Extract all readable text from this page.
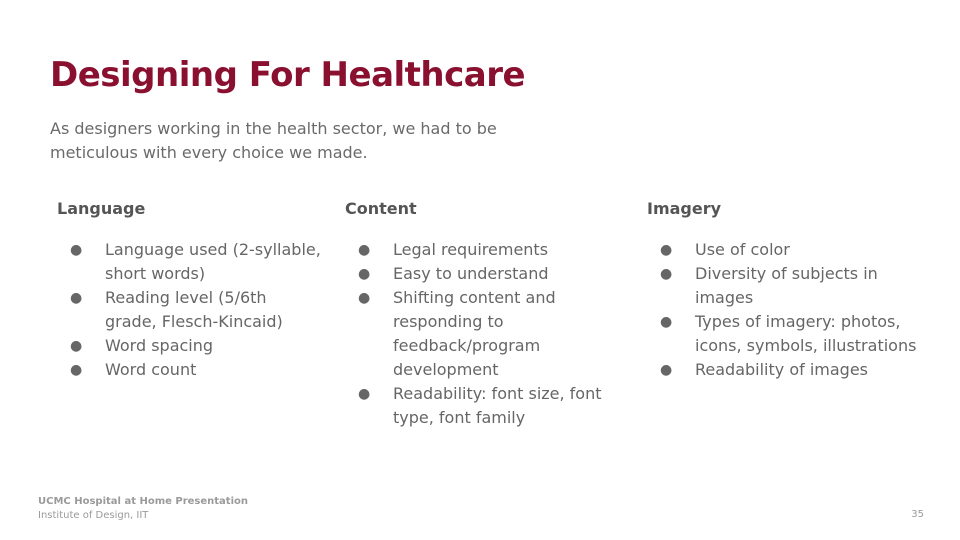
Designing For Healthcare

As designers working in the health sector, we had to be meticulous with every choice we made.

Language
● Language used (2-syllable, short words)
● Reading level (5/6th grade, Flesch-Kincaid)
● Word spacing
● Word count
Content
● Legal requirements
● Easy to understand
● Shifting content and responding to feedback/program development
● Readability: font size, font type, font family
Imagery
● Use of color
● Diversity of subjects in images
● Types of imagery: photos, icons, symbols, illustrations
● Readability of images
UCMC Hospital at Home Presentation
Institute of Design, IIT	35
